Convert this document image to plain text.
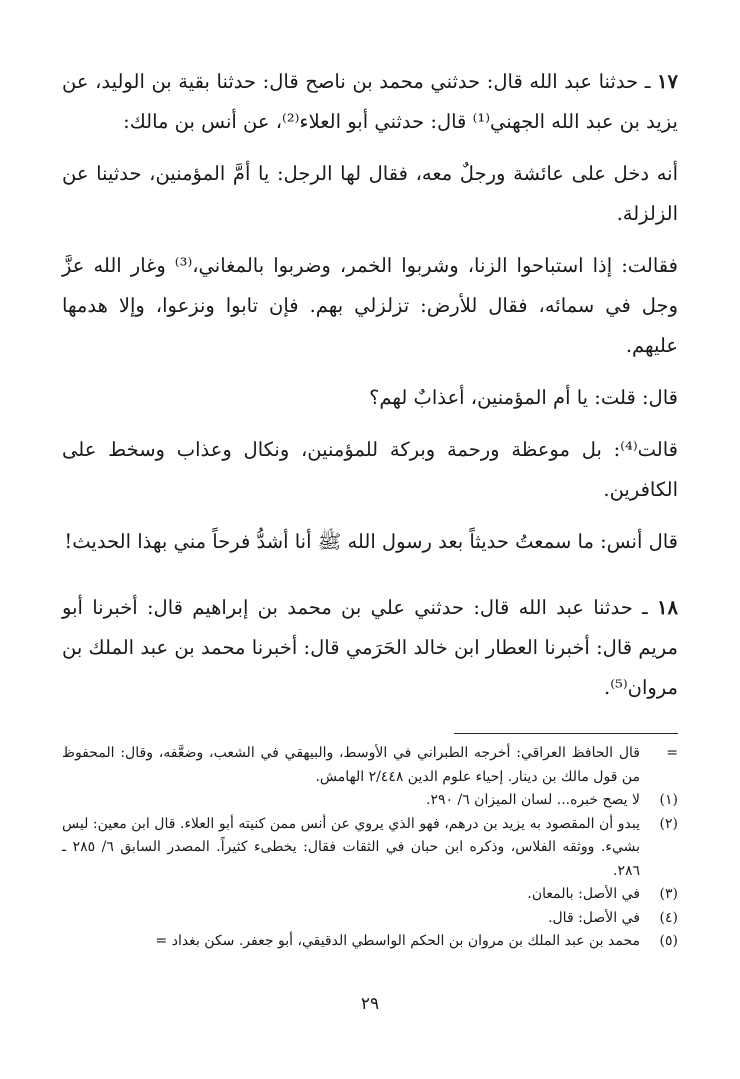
١٧ ـ حدثنا عبد الله قال: حدثني محمد بن ناصح قال: حدثنا بقية بن الوليد، عن يزيد بن عبد الله الجهني⁽¹⁾ قال: حدثني أبو العلاء⁽²⁾، عن أنس بن مالك:

أنه دخل على عائشة ورجلٌ معه، فقال لها الرجل: يا أمَّ المؤمنين، حدثينا عن الزلزلة.

فقالت: إذا استباحوا الزنا، وشربوا الخمر، وضربوا بالمغاني،⁽³⁾ وغار الله عزَّ وجل في سمائه، فقال للأرض: تزلزلي بهم. فإن تابوا ونزعوا، وإلا هدمها عليهم.

قال: قلت: يا أم المؤمنين، أعذابٌ لهم؟

قالت⁽⁴⁾: بل موعظة ورحمة وبركة للمؤمنين، ونكال وعذاب وسخط على الكافرين.

قال أنس: ما سمعتُ حديثاً بعد رسول الله ﷺ أنا أشدُّ فرحاً مني بهذا الحديث!

١٨ ـ حدثنا عبد الله قال: حدثني علي بن محمد بن إبراهيم قال: أخبرنا أبو مريم قال: أخبرنا العطار ابن خالد الحَرَمي قال: أخبرنا محمد بن عبد الملك بن مروان⁽⁵⁾.

=
قال الحافظ العراقي: أخرجه الطبراني في الأوسط، والبيهقي في الشعب، وضعَّفه، وقال: المحفوظ من قول مالك بن دينار. إحياء علوم الدين ٢/٤٤٨ الهامش.
(١)
لا يصح خبره... لسان الميزان ٦/ ٢٩٠.
(٢)
يبدو أن المقصود به يزيد بن درهم، فهو الذي يروي عن أنس ممن كنيته أبو العلاء. قال ابن معين: ليس بشيء. ووثقه الفلاس، وذكره ابن حبان في الثقات فقال: يخطىء كثيراً. المصدر السابق ٦/ ٢٨٥ ـ ٢٨٦.
(٣)
في الأصل: بالمعان.
(٤)
في الأصل: قال.
(٥)
محمد بن عبد الملك بن مروان بن الحكم الواسطي الدقيقي، أبو جعفر. سكن بغداد =
٢٩
